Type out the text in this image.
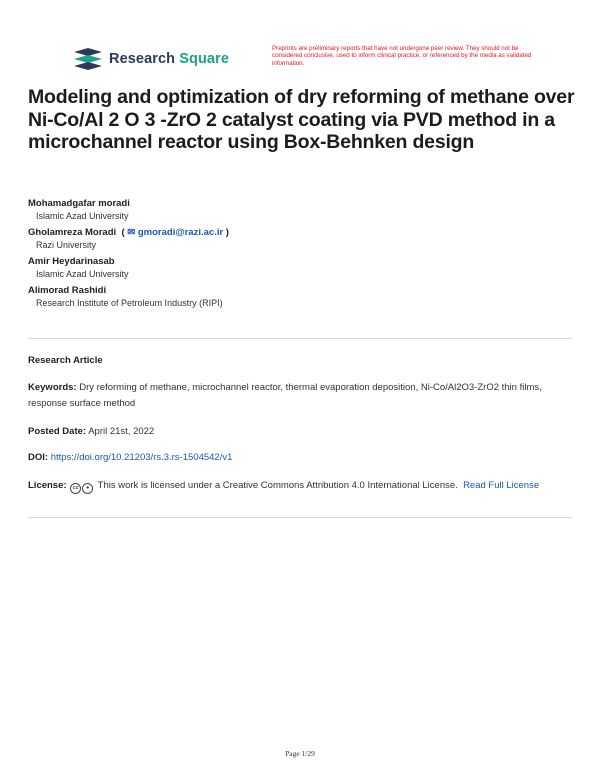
Research Square
Preprints are preliminary reports that have not undergone peer review. They should not be considered conclusive, used to inform clinical practice, or referenced by the media as validated information.
Modeling and optimization of dry reforming of methane over Ni-Co/Al 2 O 3 -ZrO 2 catalyst coating via PVD method in a microchannel reactor using Box-Behnken design
Mohamadgafar moradi
Islamic Azad University
Gholamreza Moradi  ( ✉ gmoradi@razi.ac.ir )
Razi University
Amir Heydarinasab
Islamic Azad University
Alimorad Rashidi
Research Institute of Petroleum Industry (RIPI)
Research Article
Keywords: Dry reforming of methane, microchannel reactor, thermal evaporation deposition, Ni-Co/Al2O3-ZrO2 thin films, response surface method
Posted Date: April 21st, 2022
DOI: https://doi.org/10.21203/rs.3.rs-1504542/v1
License:	cc	● This work is licensed under a Creative Commons Attribution 4.0 International License. Read Full License
Page 1/29
